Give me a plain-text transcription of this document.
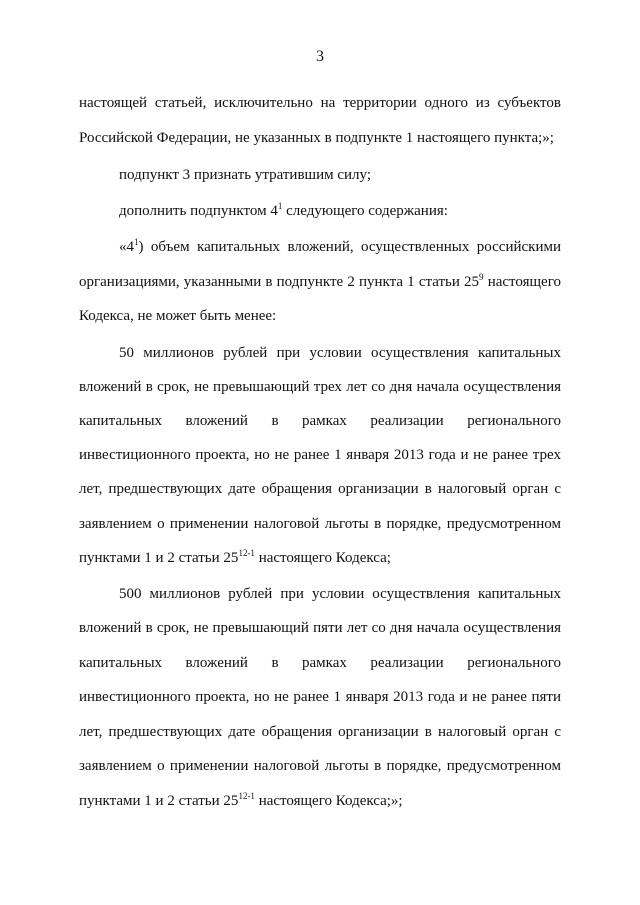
3
настоящей статьей, исключительно на территории одного из субъектов
Российской Федерации, не указанных в подпункте 1 настоящего пункта;»;
подпункт 3 признать утратившим силу;
дополнить подпунктом $4^1$ следующего содержания:
«$4^1$) объем капитальных вложений, осуществленных российскими
организациями, указанными в подпункте 2 пункта 1 статьи $25^9$ настоящего
Кодекса, не может быть менее:
50 миллионов рублей при условии осуществления капитальных
вложений в срок, не превышающий трех лет со дня начала осуществления
капитальных вложений в рамках реализации регионального
инвестиционного проекта, но не ранее 1 января 2013 года и не ранее трех
лет, предшествующих дате обращения организации в налоговый орган с
заявлением о применении налоговой льготы в порядке, предусмотренном
пунктами 1 и 2 статьи 25$^{12-1}$ настоящего Кодекса;
500 миллионов рублей при условии осуществления капитальных
вложений в срок, не превышающий пяти лет со дня начала осуществления
капитальных вложений в рамках реализации регионального
инвестиционного проекта, но не ранее 1 января 2013 года и не ранее пяти
лет, предшествующих дате обращения организации в налоговый орган с
заявлением о применении налоговой льготы в порядке, предусмотренном
пунктами 1 и 2 статьи 25$^{12-1}$ настоящего Кодекса;»;
